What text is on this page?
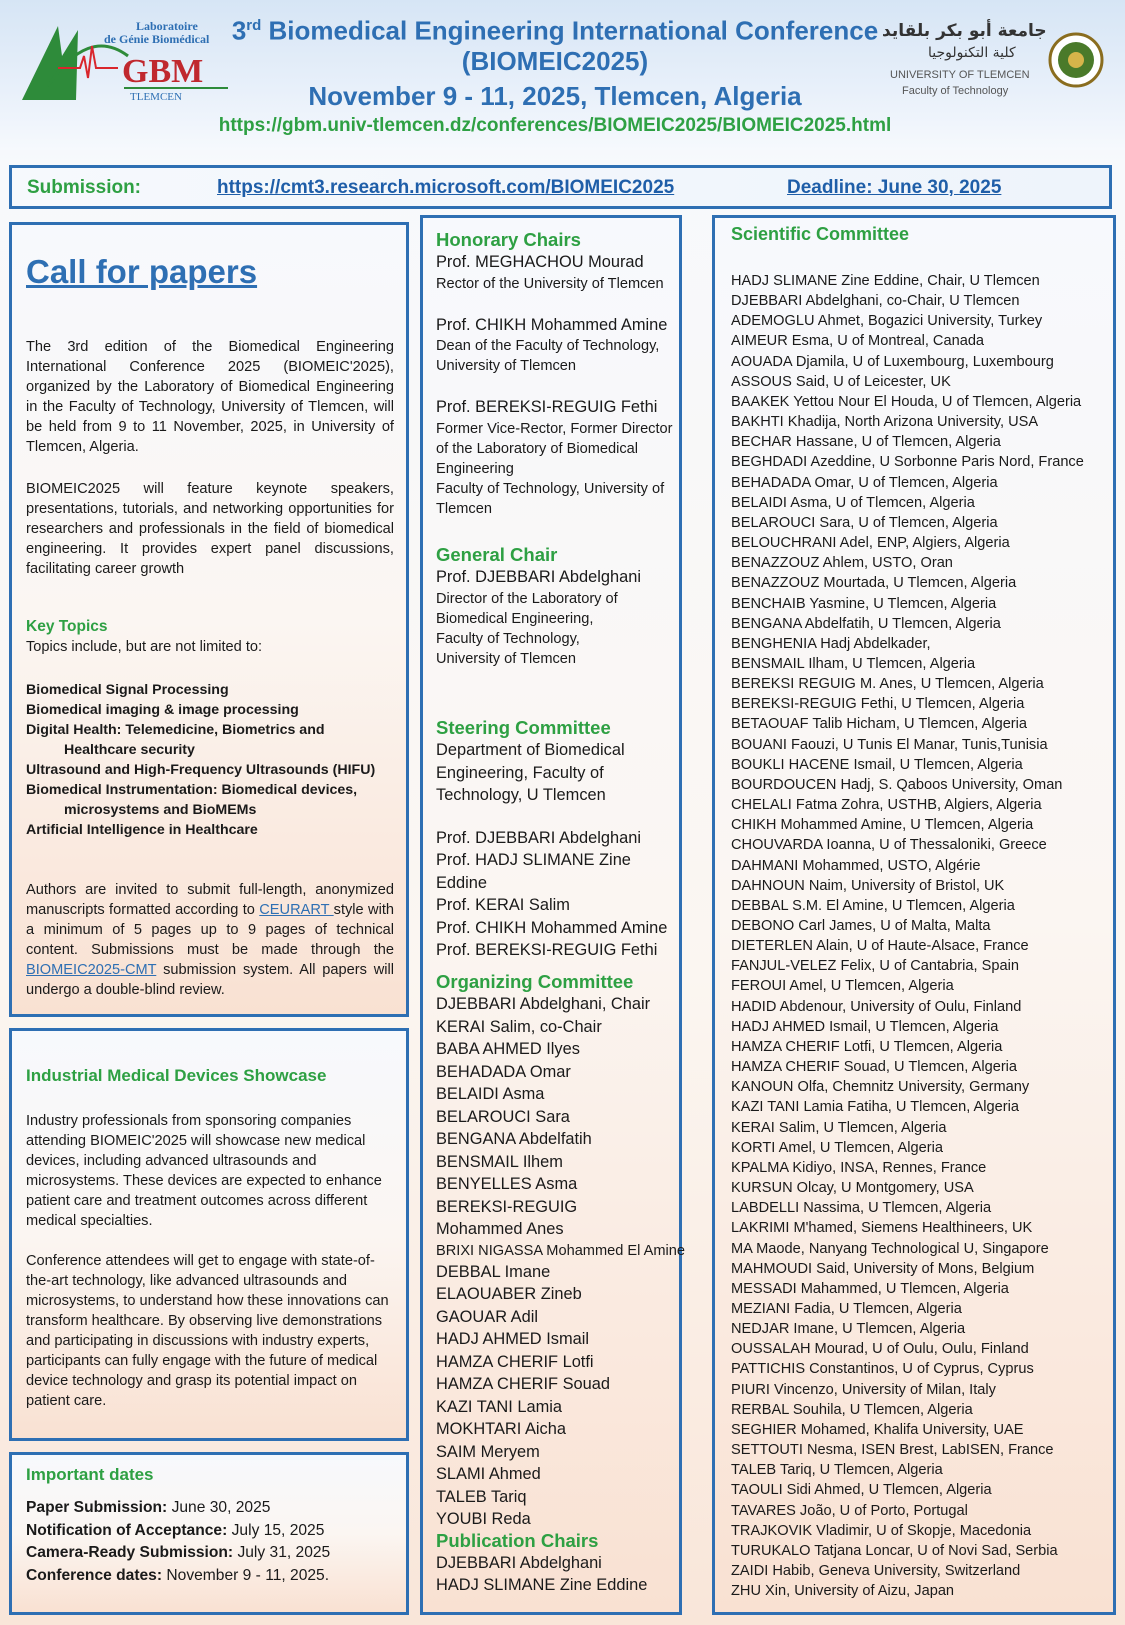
Laboratoire
de Génie Biomédical
GBM
TLEMCEN
جامعة أبو بكر بلقايد
كلية التكنولوجيا
UNIVERSITY OF TLEMCEN
Faculty of Technology
3rd Biomedical Engineering International Conference
(BIOMEIC2025)
November 9 - 11, 2025, Tlemcen, Algeria
https://gbm.univ-tlemcen.dz/conferences/BIOMEIC2025/BIOMEIC2025.html
Submission:	https://cmt3.research.microsoft.com/BIOMEIC2025	Deadline: June 30, 2025
Call for papers
The 3rd edition of the Biomedical Engineering International Conference 2025 (BIOMEIC'2025), organized by the Laboratory of Biomedical Engineering in the Faculty of Technology, University of Tlemcen, will be held from 9 to 11 November, 2025, in University of Tlemcen, Algeria.
BIOMEIC2025 will feature keynote speakers, presentations, tutorials, and networking opportunities for researchers and professionals in the field of biomedical engineering. It provides expert panel discussions, facilitating career growth
Key Topics
Topics include, but are not limited to:
Biomedical Signal Processing
Biomedical imaging & image processing
Digital Health: Telemedicine, Biometrics and Healthcare security
Ultrasound and High-Frequency Ultrasounds (HIFU)
Biomedical Instrumentation: Biomedical devices, microsystems and BioMEMs
Artificial Intelligence in Healthcare
Authors are invited to submit full-length, anonymized manuscripts formatted according to CEURART style with a minimum of 5 pages up to 9 pages of technical content. Submissions must be made through the BIOMEIC2025-CMT submission system. All papers will undergo a double-blind review.
Industrial Medical Devices Showcase
Industry professionals from sponsoring companies attending BIOMEIC'2025 will showcase new medical devices, including advanced ultrasounds and microsystems. These devices are expected to enhance patient care and treatment outcomes across different medical specialties.
Conference attendees will get to engage with state-of-the-art technology, like advanced ultrasounds and microsystems, to understand how these innovations can transform healthcare. By observing live demonstrations and participating in discussions with industry experts, participants can fully engage with the future of medical device technology and grasp its potential impact on patient care.
Important dates
Paper Submission: June 30, 2025
Notification of Acceptance: July 15, 2025
Camera-Ready Submission: July 31, 2025
Conference dates: November 9 - 11, 2025.
Honorary Chairs
Prof. MEGHACHOU Mourad
Rector of the University of Tlemcen
Prof. CHIKH Mohammed Amine
Dean of the Faculty of Technology, University of Tlemcen
Prof. BEREKSI-REGUIG Fethi
Former Vice-Rector, Former Director of the Laboratory of Biomedical Engineering
Faculty of Technology, University of Tlemcen
General Chair
Prof. DJEBBARI Abdelghani
Director of the Laboratory of Biomedical Engineering, Faculty of Technology, University of Tlemcen
Steering Committee
Department of Biomedical Engineering, Faculty of Technology, U Tlemcen
Prof. DJEBBARI Abdelghani
Prof. HADJ SLIMANE Zine Eddine
Prof. KERAI Salim
Prof. CHIKH Mohammed Amine
Prof. BEREKSI-REGUIG Fethi
Organizing Committee
DJEBBARI Abdelghani, Chair
KERAI Salim, co-Chair
BABA AHMED Ilyes
BEHADADA Omar
BELAIDI Asma
BELAROUCI Sara
BENGANA Abdelfatih
BENSMAIL Ilhem
BENYELLES Asma
BEREKSI-REGUIG Mohammed Anes
BRIXI NIGASSA Mohammed El Amine
DEBBAL Imane
ELAOUABER Zineb
GAOUAR Adil
HADJ AHMED Ismail
HAMZA CHERIF Lotfi
HAMZA CHERIF Souad
KAZI TANI Lamia
MOKHTARI Aicha
SAIM Meryem
SLAMI Ahmed
TALEB Tariq
YOUBI Reda
Publication Chairs
DJEBBARI Abdelghani
HADJ SLIMANE Zine Eddine
Scientific Committee
HADJ SLIMANE Zine Eddine, Chair, U Tlemcen
DJEBBARI Abdelghani, co-Chair, U Tlemcen
ADEMOGLU Ahmet, Bogazici University, Turkey
AIMEUR Esma, U of Montreal, Canada
AOUADA Djamila, U of Luxembourg, Luxembourg
ASSOUS Said, U of Leicester, UK
BAAKEK Yettou Nour El Houda, U of Tlemcen, Algeria
BAKHTI Khadija, North Arizona University, USA
BECHAR Hassane, U of Tlemcen, Algeria
BEGHDADI Azeddine, U Sorbonne Paris Nord, France
BEHADADA Omar, U of Tlemcen, Algeria
BELAIDI Asma, U of Tlemcen, Algeria
BELAROUCI Sara, U of Tlemcen, Algeria
BELOUCHRANI Adel, ENP, Algiers, Algeria
BENAZZOUZ Ahlem, USTO, Oran
BENAZZOUZ Mourtada, U Tlemcen, Algeria
BENCHAIB Yasmine, U Tlemcen, Algeria
BENGANA Abdelfatih, U Tlemcen, Algeria
BENGHENIA Hadj Abdelkader,
BENSMAIL Ilham, U Tlemcen, Algeria
BEREKSI REGUIG M. Anes, U Tlemcen, Algeria
BEREKSI-REGUIG Fethi, U Tlemcen, Algeria
BETAOUAF Talib Hicham, U Tlemcen, Algeria
BOUANI Faouzi, U Tunis El Manar, Tunis,Tunisia
BOUKLI HACENE Ismail, U Tlemcen, Algeria
BOURDOUCEN Hadj, S. Qaboos University, Oman
CHELALI Fatma Zohra, USTHB, Algiers, Algeria
CHIKH Mohammed Amine, U Tlemcen, Algeria
CHOUVARDA Ioanna, U of Thessaloniki, Greece
DAHMANI Mohammed, USTO, Algérie
DAHNOUN Naim, University of Bristol, UK
DEBBAL S.M. El Amine, U Tlemcen, Algeria
DEBONO Carl James, U of Malta, Malta
DIETERLEN Alain, U of Haute-Alsace, France
FANJUL-VELEZ Felix, U of Cantabria, Spain
FEROUI Amel, U Tlemcen, Algeria
HADID Abdenour, University of Oulu, Finland
HADJ AHMED Ismail, U Tlemcen, Algeria
HAMZA CHERIF Lotfi, U Tlemcen, Algeria
HAMZA CHERIF Souad, U Tlemcen, Algeria
KANOUN Olfa, Chemnitz University, Germany
KAZI TANI Lamia Fatiha, U Tlemcen, Algeria
KERAI Salim, U Tlemcen, Algeria
KORTI Amel, U Tlemcen, Algeria
KPALMA Kidiyo, INSA, Rennes, France
KURSUN Olcay, U Montgomery, USA
LABDELLI Nassima, U Tlemcen, Algeria
LAKRIMI M'hamed, Siemens Healthineers, UK
MA Maode, Nanyang Technological U, Singapore
MAHMOUDI Said, University of Mons, Belgium
MESSADI Mahammed, U Tlemcen, Algeria
MEZIANI Fadia, U Tlemcen, Algeria
NEDJAR Imane, U Tlemcen, Algeria
OUSSALAH Mourad, U of Oulu, Oulu, Finland
PATTICHIS Constantinos, U of Cyprus, Cyprus
PIURI Vincenzo, University of Milan, Italy
RERBAL Souhila, U Tlemcen, Algeria
SEGHIER Mohamed, Khalifa University, UAE
SETTOUTI Nesma, ISEN Brest, LabISEN, France
TALEB Tariq, U Tlemcen, Algeria
TAOULI Sidi Ahmed, U Tlemcen, Algeria
TAVARES João, U of Porto, Portugal
TRAJKOVIK Vladimir, U of Skopje, Macedonia
TURUKALO Tatjana Loncar, U of Novi Sad, Serbia
ZAIDI Habib, Geneva University, Switzerland
ZHU Xin, University of Aizu, Japan
